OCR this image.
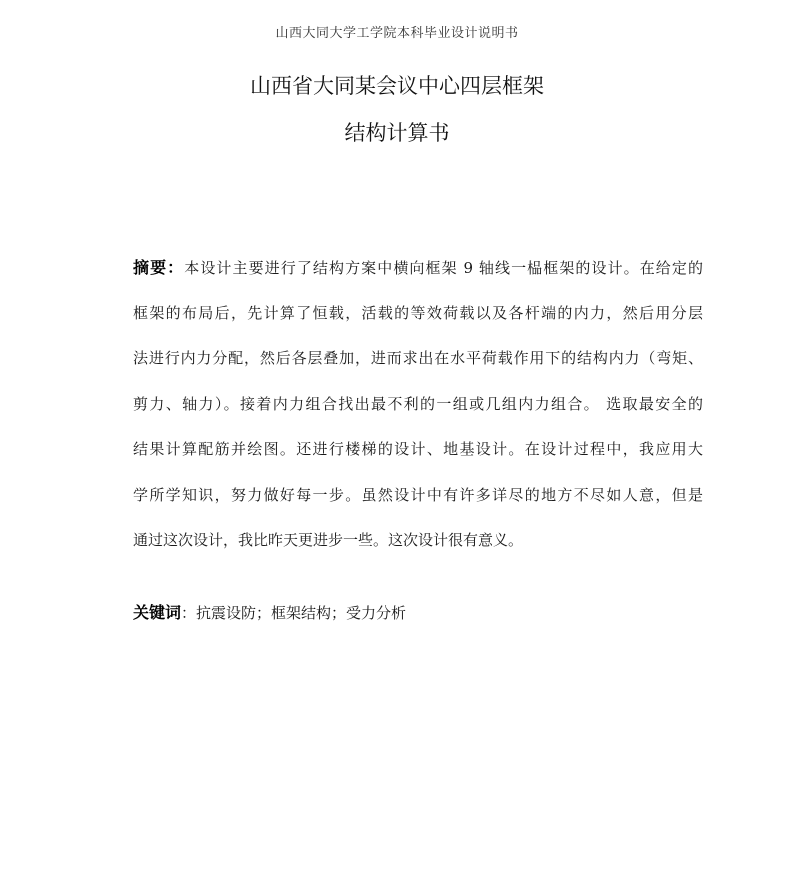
山西大同大学工学院本科毕业设计说明书
山西省大同某会议中心四层框架
结构计算书
摘要：本设计主要进行了结构方案中横向框架 9 轴线一榀框架的设计。在给定的
框架的布局后，先计算了恒载，活载的等效荷载以及各杆端的内力，然后用分层
法进行内力分配，然后各层叠加，进而求出在水平荷载作用下的结构内力（弯矩、
剪力、轴力）。接着内力组合找出最不利的一组或几组内力组合。 选取最安全的
结果计算配筋并绘图。还进行楼梯的设计、地基设计。在设计过程中，我应用大
学所学知识，努力做好每一步。虽然设计中有许多详尽的地方不尽如人意，但是
通过这次设计，我比昨天更进步一些。这次设计很有意义。
关键词：抗震设防；框架结构；受力分析
